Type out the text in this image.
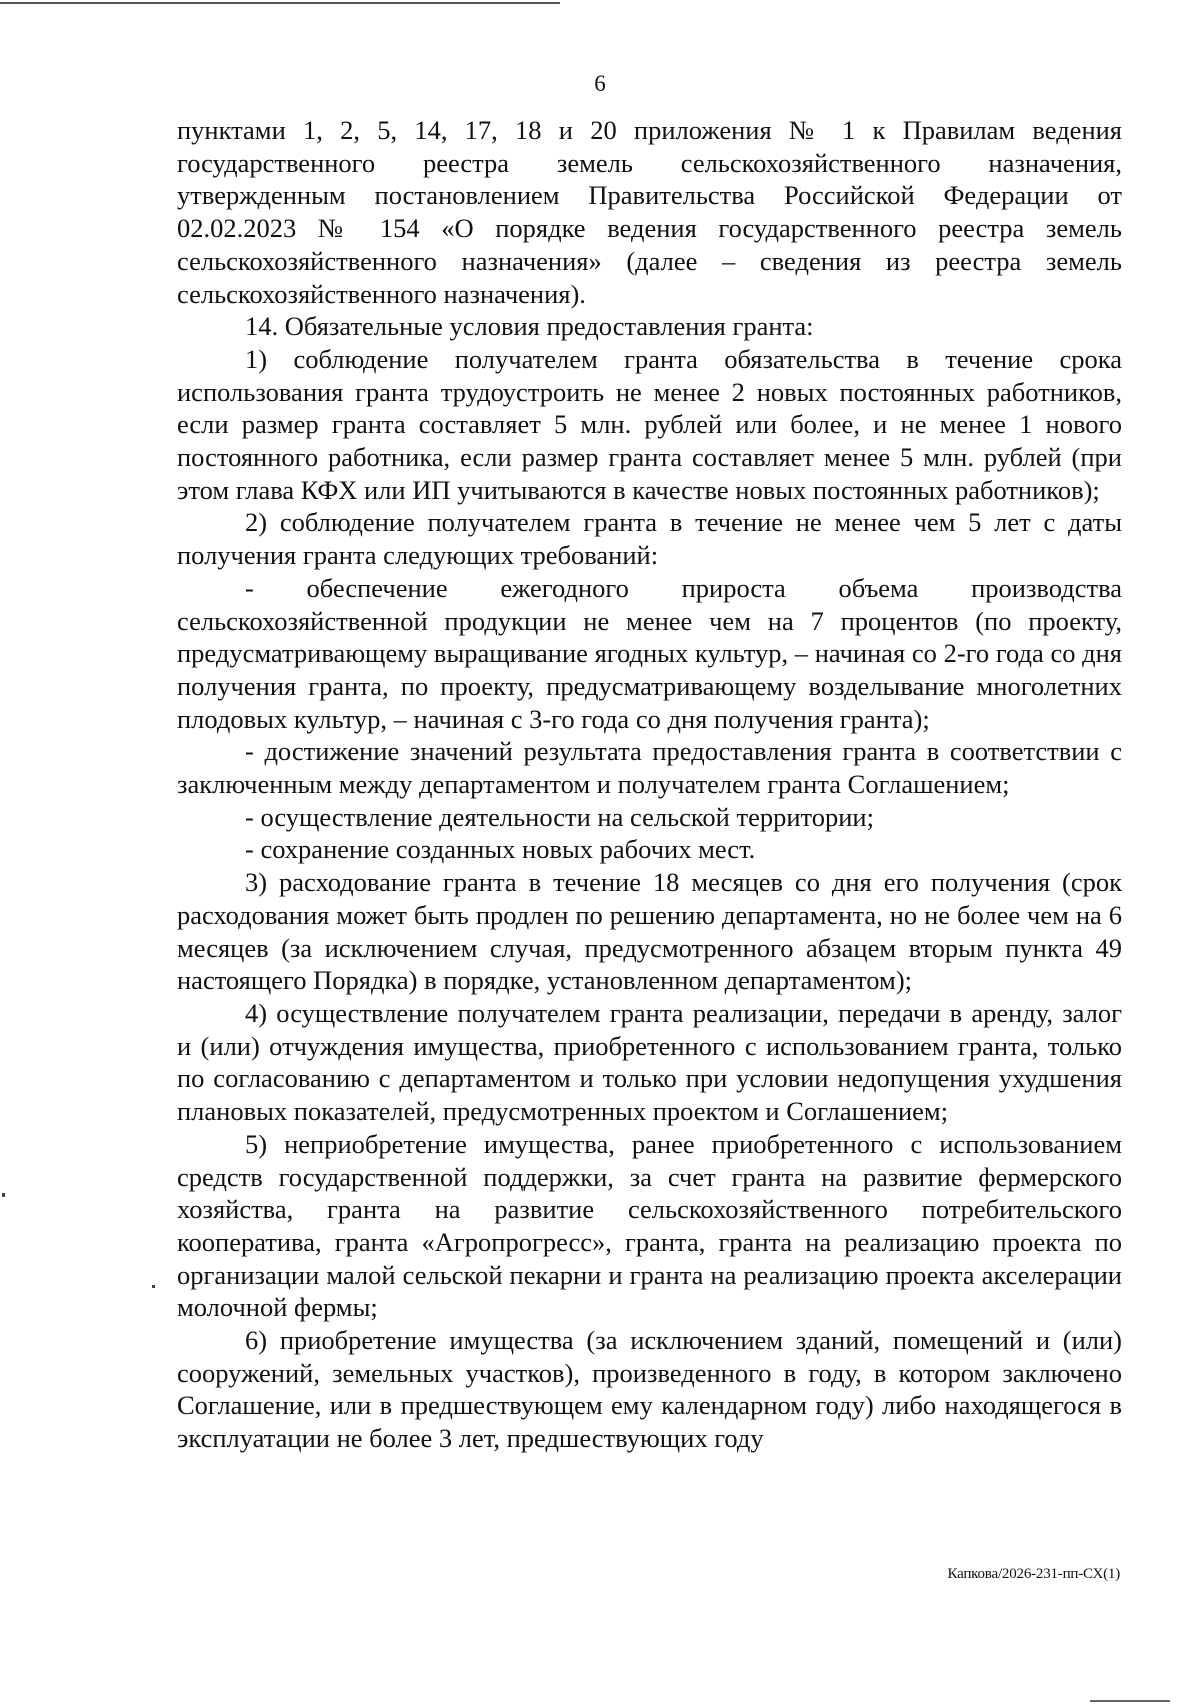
6

пунктами 1, 2, 5, 14, 17, 18 и 20 приложения № 1 к Правилам ведения государственного реестра земель сельскохозяйственного назначения, утвержденным постановлением Правительства Российской Федерации от 02.02.2023 № 154 «О порядке ведения государственного реестра земель сельскохозяйственного назначения» (далее – сведения из реестра земель сельскохозяйственного назначения).

14. Обязательные условия предоставления гранта:

1) соблюдение получателем гранта обязательства в течение срока использования гранта трудоустроить не менее 2 новых постоянных работников, если размер гранта составляет 5 млн. рублей или более, и не менее 1 нового постоянного работника, если размер гранта составляет менее 5 млн. рублей (при этом глава КФХ или ИП учитываются в качестве новых постоянных работников);

2) соблюдение получателем гранта в течение не менее чем 5 лет с даты получения гранта следующих требований:

- обеспечение ежегодного прироста объема производства сельскохозяйственной продукции не менее чем на 7 процентов (по проекту, предусматривающему выращивание ягодных культур, – начиная со 2-го года со дня получения гранта, по проекту, предусматривающему возделывание многолетних плодовых культур, – начиная с 3-го года со дня получения гранта);

- достижение значений результата предоставления гранта в соответствии с заключенным между департаментом и получателем гранта Соглашением;

- осуществление деятельности на сельской территории;

- сохранение созданных новых рабочих мест.

3) расходование гранта в течение 18 месяцев со дня его получения (срок расходования может быть продлен по решению департамента, но не более чем на 6 месяцев (за исключением случая, предусмотренного абзацем вторым пункта 49 настоящего Порядка) в порядке, установленном департаментом);

4) осуществление получателем гранта реализации, передачи в аренду, залог и (или) отчуждения имущества, приобретенного с использованием гранта, только по согласованию с департаментом и только при условии недопущения ухудшения плановых показателей, предусмотренных проектом и Соглашением;

5) неприобретение имущества, ранее приобретенного с использованием средств государственной поддержки, за счет гранта на развитие фермерского хозяйства, гранта на развитие сельскохозяйственного потребительского кооператива, гранта «Агропрогресс», гранта, гранта на реализацию проекта по организации малой сельской пекарни и гранта на реализацию проекта акселерации молочной фермы;

6) приобретение имущества (за исключением зданий, помещений и (или) сооружений, земельных участков), произведенного в году, в котором заключено Соглашение, или в предшествующем ему календарном году) либо находящегося в эксплуатации не более 3 лет, предшествующих году

Капкова/2026-231-пп-СХ(1)
